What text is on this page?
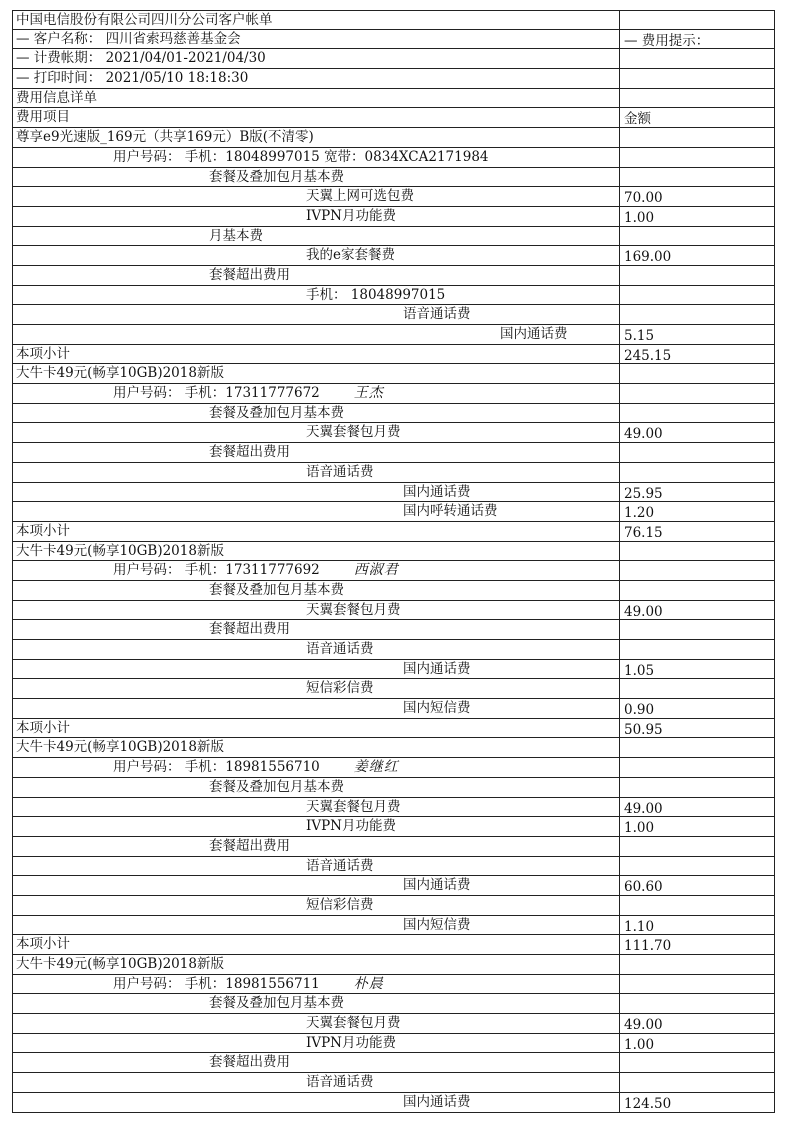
中国电信股份有限公司四川分公司客户帐单
— 客户名称： 四川省索玛慈善基金会	— 费用提示：
— 计费帐期： 2021/04/01-2021/04/30
— 打印时间： 2021/05/10 18:18:30
费用信息详单
费用项目	金额
尊享e9光速版_169元（共享169元）B版(不清零)
用户号码： 手机：18048997015 宽带：0834XCA2171984
套餐及叠加包月基本费
天翼上网可选包费	70.00
IVPN月功能费	1.00
月基本费
我的e家套餐费	169.00
套餐超出费用
手机： 18048997015
语音通话费
国内通话费	5.15
本项小计	245.15
大牛卡49元(畅享10GB)2018新版
用户号码： 手机：17311777672 王杰
套餐及叠加包月基本费
天翼套餐包月费	49.00
套餐超出费用
语音通话费
国内通话费	25.95
国内呼转通话费	1.20
本项小计	76.15
大牛卡49元(畅享10GB)2018新版
用户号码： 手机：17311777692 西淑君
套餐及叠加包月基本费
天翼套餐包月费	49.00
套餐超出费用
语音通话费
国内通话费	1.05
短信彩信费
国内短信费	0.90
本项小计	50.95
大牛卡49元(畅享10GB)2018新版
用户号码： 手机：18981556710 姜继红
套餐及叠加包月基本费
天翼套餐包月费	49.00
IVPN月功能费	1.00
套餐超出费用
语音通话费
国内通话费	60.60
短信彩信费
国内短信费	1.10
本项小计	111.70
大牛卡49元(畅享10GB)2018新版
用户号码： 手机：18981556711 朴晨
套餐及叠加包月基本费
天翼套餐包月费	49.00
IVPN月功能费	1.00
套餐超出费用
语音通话费
国内通话费	124.50
